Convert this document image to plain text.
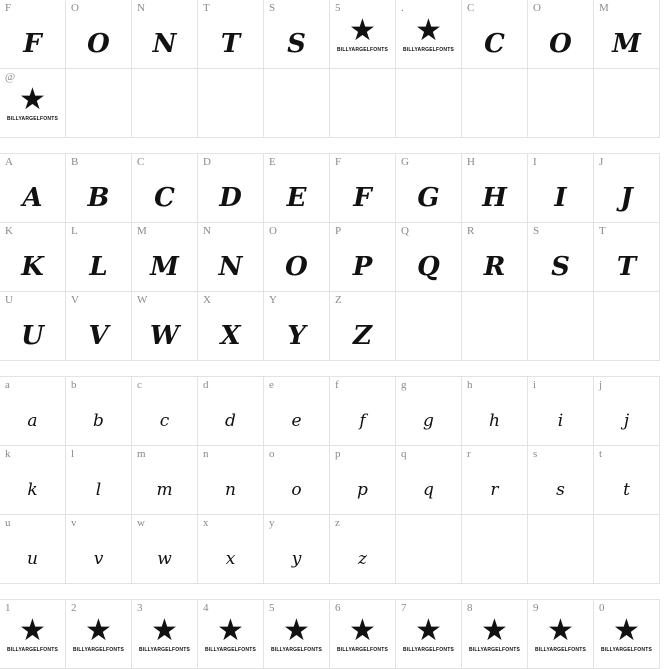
F
F
O
O
N
N
T
T
S
S
5
★
BILLYARGELFONTS
.
★
BILLYARGELFONTS
C
C
O
O
M
M
@
★
BILLYARGELFONTS
A
A
B
B
C
C
D
D
E
E
F
F
G
G
H
H
I
I
J
J
K
K
L
L
M
M
N
N
O
O
P
P
Q
Q
R
R
S
S
T
T
U
U
V
V
W
W
X
X
Y
Y
Z
Z
a
a
b
b
c
c
d
d
e
e
f
f
g
g
h
h
i
i
j
j
k
k
l
l
m
m
n
n
o
o
p
p
q
q
r
r
s
s
t
t
u
u
v
v
w
w
x
x
y
y
z
z
1
★
BILLYARGELFONTS
2
★
BILLYARGELFONTS
3
★
BILLYARGELFONTS
4
★
BILLYARGELFONTS
5
★
BILLYARGELFONTS
6
★
BILLYARGELFONTS
7
★
BILLYARGELFONTS
8
★
BILLYARGELFONTS
9
★
BILLYARGELFONTS
0
★
BILLYARGELFONTS
